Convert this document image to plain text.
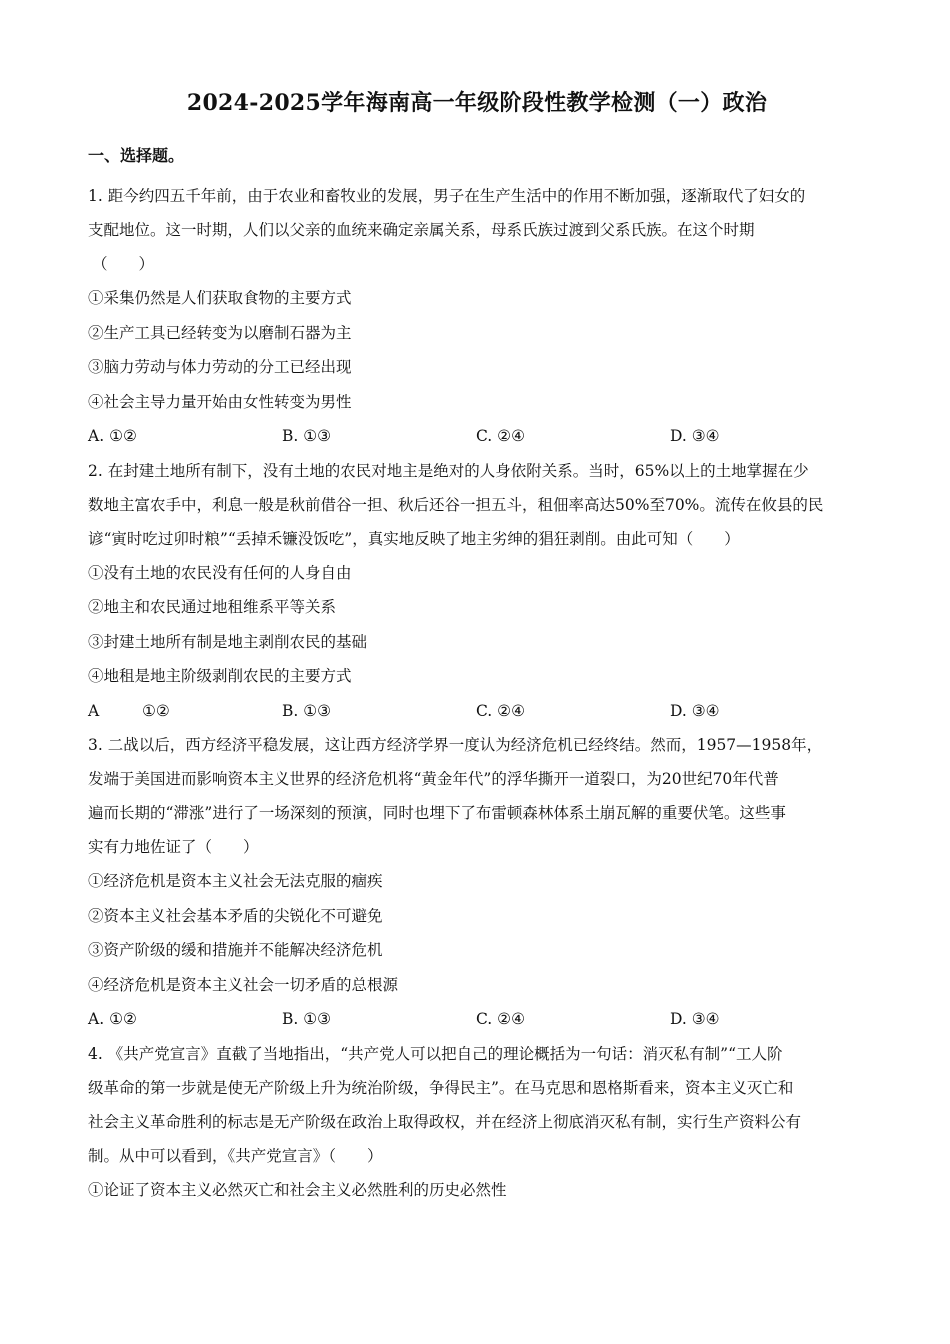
2024-2025学年海南高一年级阶段性教学检测（一）政治
一、选择题。

1. 距今约四五千年前，由于农业和畜牧业的发展，男子在生产生活中的作用不断加强，逐渐取代了妇女的

支配地位。这一时期，人们以父亲的血统来确定亲属关系，母系氏族过渡到父系氏族。在这个时期

（　　）

①采集仍然是人们获取食物的主要方式

②生产工具已经转变为以磨制石器为主

③脑力劳动与体力劳动的分工已经出现

④社会主导力量开始由女性转变为男性

A. ①②	B. ①③	C. ②④	D. ③④

2. 在封建土地所有制下，没有土地的农民对地主是绝对的人身依附关系。当时，65%以上的土地掌握在少

数地主富农手中，利息一般是秋前借谷一担、秋后还谷一担五斗，租佃率高达50%至70%。流传在攸县的民

谚“寅时吃过卯时粮”“丢掉禾镰没饭吃”，真实地反映了地主劣绅的猖狂剥削。由此可知（　　）

①没有土地的农民没有任何的人身自由

②地主和农民通过地租维系平等关系

③封建土地所有制是地主剥削农民的基础

④地租是地主阶级剥削农民的主要方式

A	①②	B. ①③	C. ②④	D. ③④

3. 二战以后，西方经济平稳发展，这让西方经济学界一度认为经济危机已经终结。然而，1957—1958年，

发端于美国进而影响资本主义世界的经济危机将“黄金年代”的浮华撕开一道裂口，为20世纪70年代普

遍而长期的“滞涨”进行了一场深刻的预演，同时也埋下了布雷顿森林体系土崩瓦解的重要伏笔。这些事

实有力地佐证了（　　）

①经济危机是资本主义社会无法克服的痼疾

②资本主义社会基本矛盾的尖锐化不可避免

③资产阶级的缓和措施并不能解决经济危机

④经济危机是资本主义社会一切矛盾的总根源

A. ①②	B. ①③	C. ②④	D. ③④

4. 《共产党宣言》直截了当地指出，“共产党人可以把自己的理论概括为一句话：消灭私有制”“工人阶

级革命的第一步就是使无产阶级上升为统治阶级，争得民主”。在马克思和恩格斯看来，资本主义灭亡和

社会主义革命胜利的标志是无产阶级在政治上取得政权，并在经济上彻底消灭私有制，实行生产资料公有

制。从中可以看到，《共产党宣言》（　　）

①论证了资本主义必然灭亡和社会主义必然胜利的历史必然性
